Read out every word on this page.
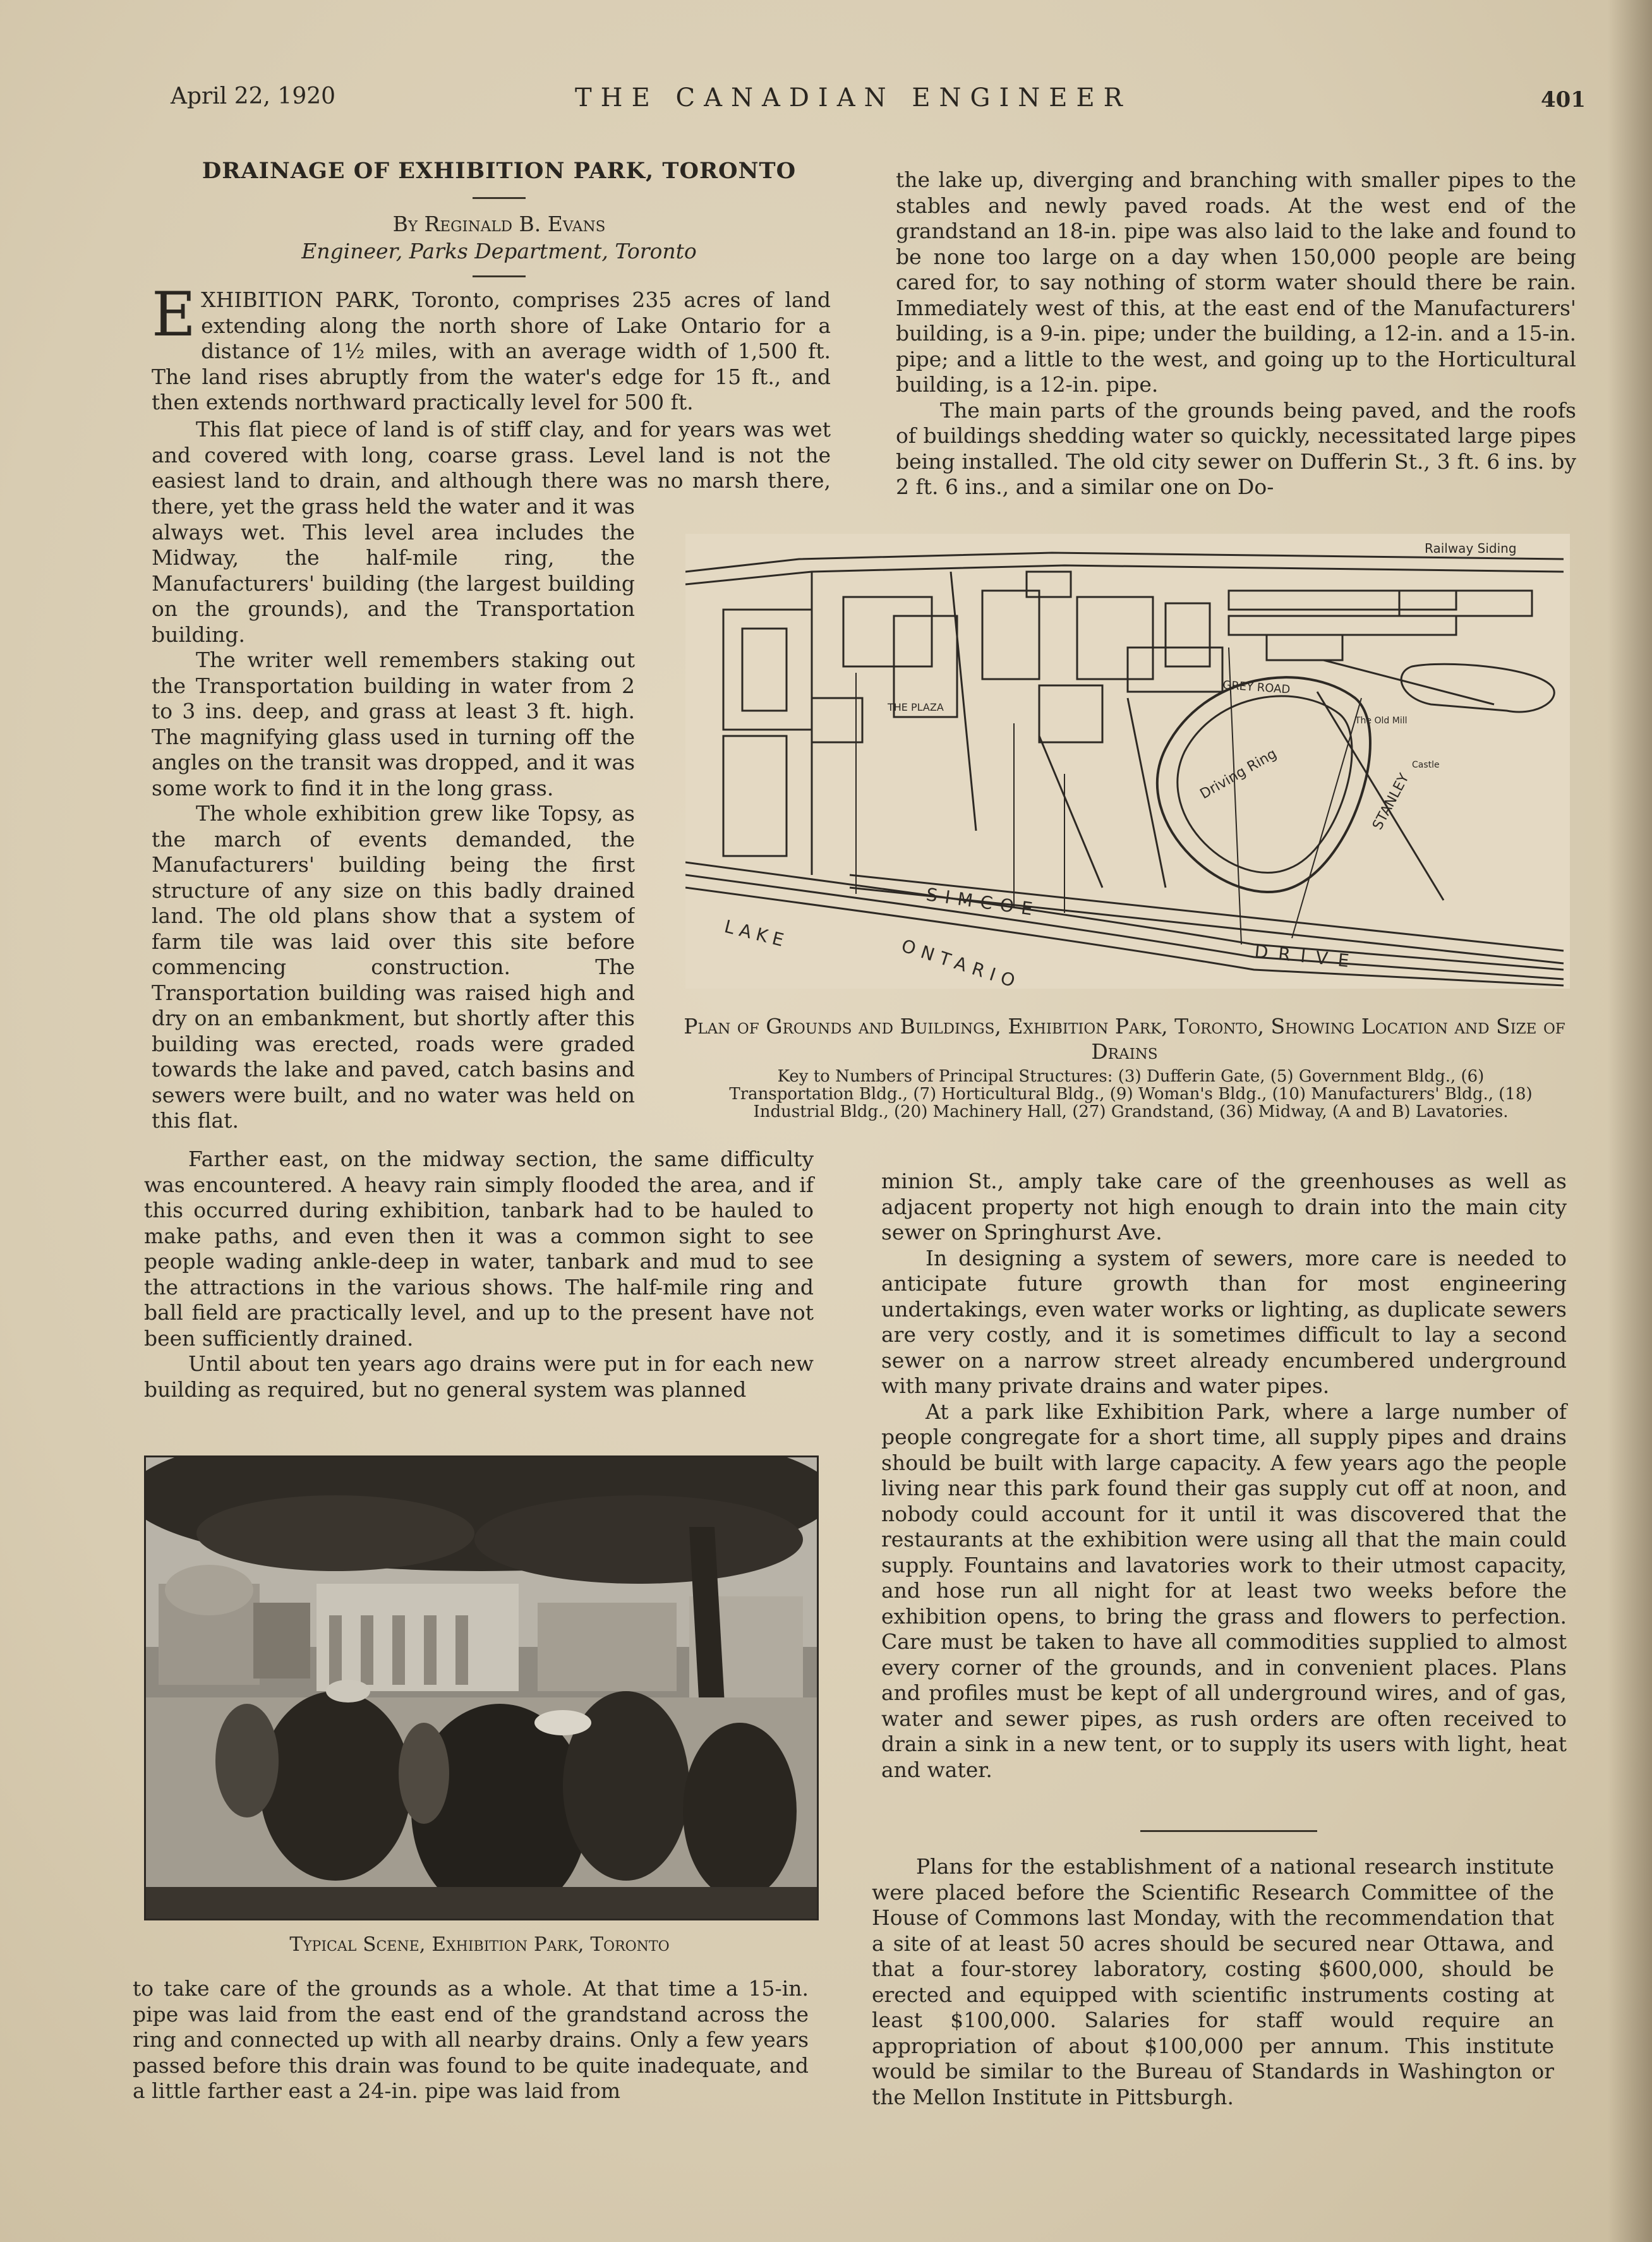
April 22, 1920	THE CANADIAN ENGINEER	401
DRAINAGE OF EXHIBITION PARK, TORONTO
By Reginald B. Evans
Engineer, Parks Department, Toronto

EXHIBITION PARK, Toronto, comprises 235 acres of land extending along the north shore of Lake Ontario for a distance of 1½ miles, with an average width of 1,500 ft. The land rises abruptly from the water's edge for 15 ft., and then extends northward practically level for 500 ft.

This flat piece of land is of stiff clay, and for years was wet and covered with long, coarse grass. Level land is not the easiest land to drain, and although there was no marsh there,

there, yet the grass held the water and it was always wet. This level area includes the Midway, the half-mile ring, the Manufacturers' building (the largest building on the grounds), and the Transportation building.

The writer well remembers staking out the Transportation building in water from 2 to 3 ins. deep, and grass at least 3 ft. high. The magnifying glass used in turning off the angles on the transit was dropped, and it was some work to find it in the long grass.

The whole exhibition grew like Topsy, as the march of events demanded, the Manufacturers' building being the first structure of any size on this badly drained land. The old plans show that a system of farm tile was laid over this site before commencing construction. The Transportation building was raised high and dry on an embankment, but shortly after this building was erected, roads were graded towards the lake and paved, catch basins and sewers were built, and no water was held on this flat.

Farther east, on the midway section, the same difficulty was encountered. A heavy rain simply flooded the area, and if this occurred during exhibition, tanbark had to be hauled to make paths, and even then it was a common sight to see people wading ankle-deep in water, tanbark and mud to see the attractions in the various shows. The half-mile ring and ball field are practically level, and up to the present have not been sufficiently drained.

Until about ten years ago drains were put in for each new building as required, but no general system was planned

Typical Scene, Exhibition Park, Toronto

to take care of the grounds as a whole. At that time a 15-in. pipe was laid from the east end of the grandstand across the ring and connected up with all nearby drains. Only a few years passed before this drain was found to be quite inadequate, and a little farther east a 24-in. pipe was laid from

the lake up, diverging and branching with smaller pipes to the stables and newly paved roads. At the west end of the grandstand an 18-in. pipe was also laid to the lake and found to be none too large on a day when 150,000 people are being cared for, to say nothing of storm water should there be rain. Immediately west of this, at the east end of the Manufacturers' building, is a 9-in. pipe; under the building, a 12-in. and a 15-in. pipe; and a little to the west, and going up to the Horticultural building, is a 12-in. pipe.

The main parts of the grounds being paved, and the roofs of buildings shedding water so quickly, necessitated large pipes being installed. The old city sewer on Dufferin St., 3 ft. 6 ins. by 2 ft. 6 ins., and a similar one on Do-

Railway Siding
LAKE
ONTARIO
SIMCOE
DRIVE
Driving Ring
GREY ROAD
STANLEY
THE PLAZA
The Old Mill
Castle
Plan of Grounds and Buildings, Exhibition Park, Toronto, Showing Location and Size of Drains
Key to Numbers of Principal Structures: (3) Dufferin Gate, (5) Government Bldg., (6) Transportation Bldg., (7) Horticultural Bldg., (9) Woman's Bldg., (10) Manufacturers' Bldg., (18) Industrial Bldg., (20) Machinery Hall, (27) Grandstand, (36) Midway, (A and B) Lavatories.

minion St., amply take care of the greenhouses as well as adjacent property not high enough to drain into the main city sewer on Springhurst Ave.

In designing a system of sewers, more care is needed to anticipate future growth than for most engineering undertakings, even water works or lighting, as duplicate sewers are very costly, and it is sometimes difficult to lay a second sewer on a narrow street already encumbered underground with many private drains and water pipes.

At a park like Exhibition Park, where a large number of people congregate for a short time, all supply pipes and drains should be built with large capacity. A few years ago the people living near this park found their gas supply cut off at noon, and nobody could account for it until it was discovered that the restaurants at the exhibition were using all that the main could supply. Fountains and lavatories work to their utmost capacity, and hose run all night for at least two weeks before the exhibition opens, to bring the grass and flowers to perfection. Care must be taken to have all commodities supplied to almost every corner of the grounds, and in convenient places. Plans and profiles must be kept of all underground wires, and of gas, water and sewer pipes, as rush orders are often received to drain a sink in a new tent, or to supply its users with light, heat and water.

Plans for the establishment of a national research institute were placed before the Scientific Research Committee of the House of Commons last Monday, with the recommendation that a site of at least 50 acres should be secured near Ottawa, and that a four-storey laboratory, costing $600,000, should be erected and equipped with scientific instruments costing at least $100,000. Salaries for staff would require an appropriation of about $100,000 per annum. This institute would be similar to the Bureau of Standards in Washington or the Mellon Institute in Pittsburgh.
